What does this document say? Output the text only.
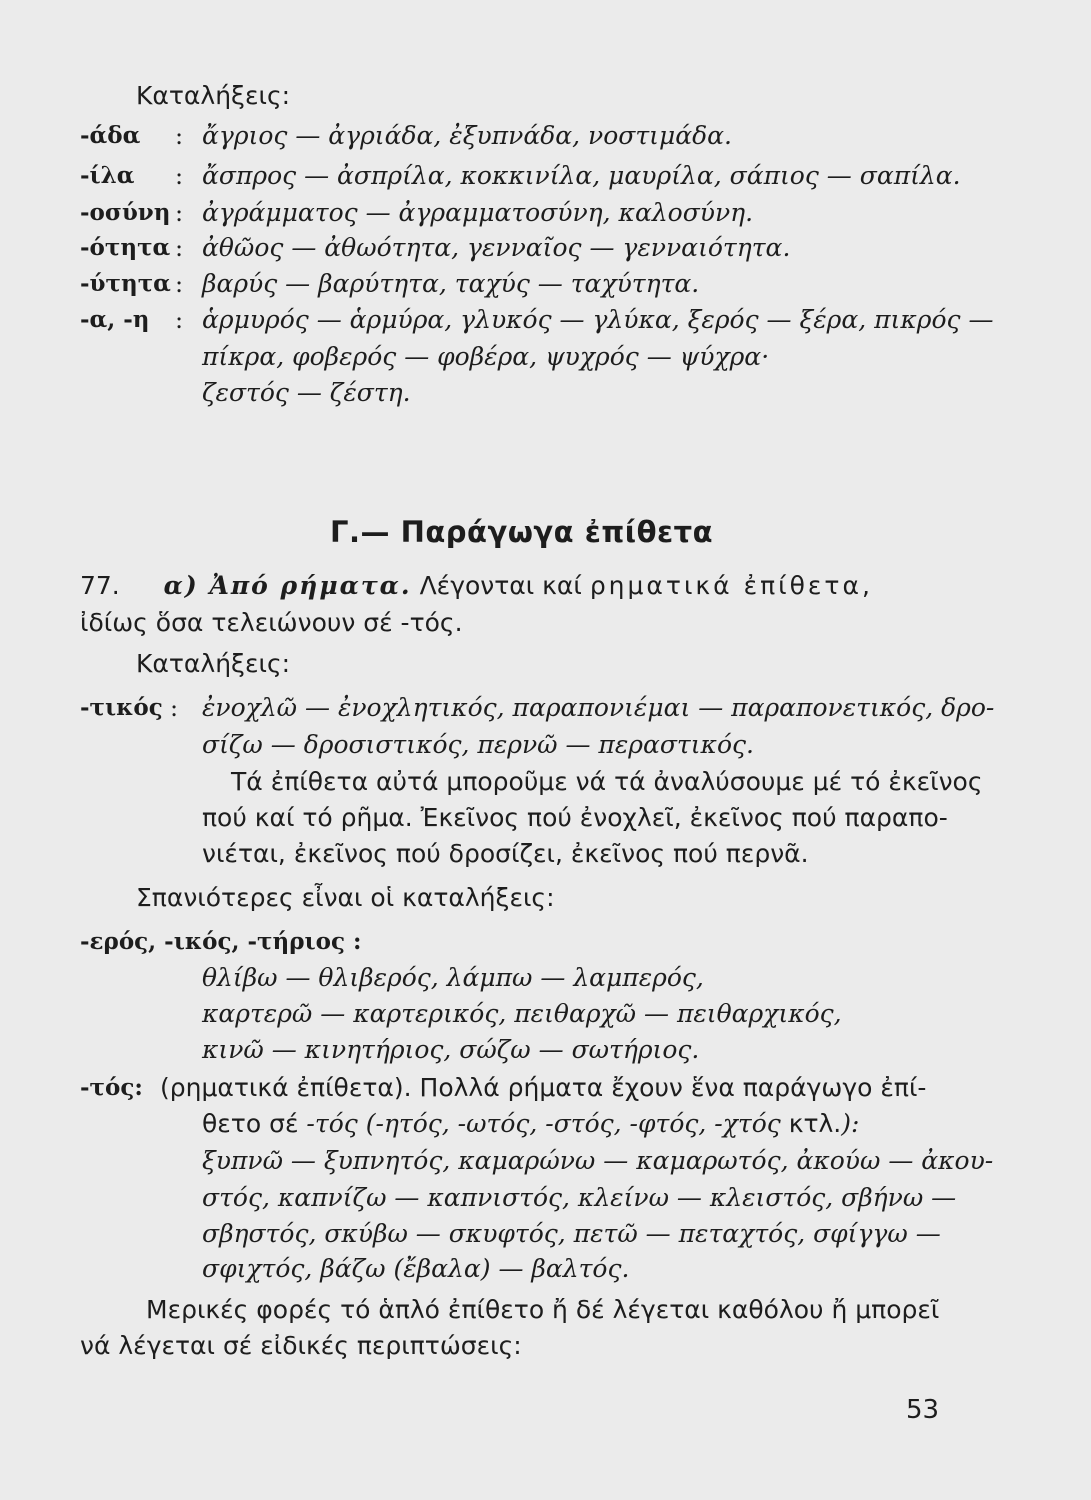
Καταλήξεις:
-άδα : ἄγριος — ἀγριάδα, ἐξυπνάδα, νοστιμάδα.
-ίλα : ἄσπρος — ἀσπρίλα, κοκκινίλα, μαυρίλα, σάπιος — σαπίλα.
-οσύνη : ἀγράμματος — ἀγραμματοσύνη, καλοσύνη.
-ότητα : ἀθῶος — ἀθωότητα, γενναῖος — γενναιότητα.
-ύτητα : βαρύς — βαρύτητα, ταχύς — ταχύτητα.
-α, -η : ἁρμυρός — ἁρμύρα, γλυκός — γλύκα, ξερός — ξέρα, πικρός —
πίκρα, φοβερός — φοβέρα, ψυχρός — ψύχρα·
ζεστός — ζέστη.
Γ.— Παράγωγα ἐπίθετα
77. α) Ἀπό ρήματα. Λέγονται καί ρηματικά ἐπίθετα,
ἰδίως ὅσα τελειώνουν σέ -τός.
Καταλήξεις:
-τικός : ἐνοχλῶ — ἐνοχλητικός, παραπονιέμαι — παραπονετικός, δρο-
σίζω — δροσιστικός, περνῶ — περαστικός.
Τά ἐπίθετα αὐτά μποροῦμε νά τά ἀναλύσουμε μέ τό ἐκεῖνος
πού καί τό ρῆμα. Ἐκεῖνος πού ἐνοχλεῖ, ἐκεῖνος πού παραπο-
νιέται, ἐκεῖνος πού δροσίζει, ἐκεῖνος πού περνᾶ.
Σπανιότερες εἶναι οἱ καταλήξεις:
-ερός, -ικός, -τήριος :
θλίβω — θλιβερός, λάμπω — λαμπερός,
καρτερῶ — καρτερικός, πειθαρχῶ — πειθαρχικός,
κινῶ — κινητήριος, σώζω — σωτήριος.
-τός: (ρηματικά ἐπίθετα). Πολλά ρήματα ἔχουν ἕνα παράγωγο ἐπί-
θετο σέ -τός (-ητός, -ωτός, -στός, -φτός, -χτός κτλ.):
ξυπνῶ — ξυπνητός, καμαρώνω — καμαρωτός, ἀκούω — ἀκου-
στός, καπνίζω — καπνιστός, κλείνω — κλειστός, σβήνω —
σβηστός, σκύβω — σκυφτός, πετῶ — πεταχτός, σφίγγω —
σφιχτός, βάζω (ἔβαλα) — βαλτός.
Μερικές φορές τό ἁπλό ἐπίθετο ἤ δέ λέγεται καθόλου ἤ μπορεῖ
νά λέγεται σέ εἰδικές περιπτώσεις:
53
